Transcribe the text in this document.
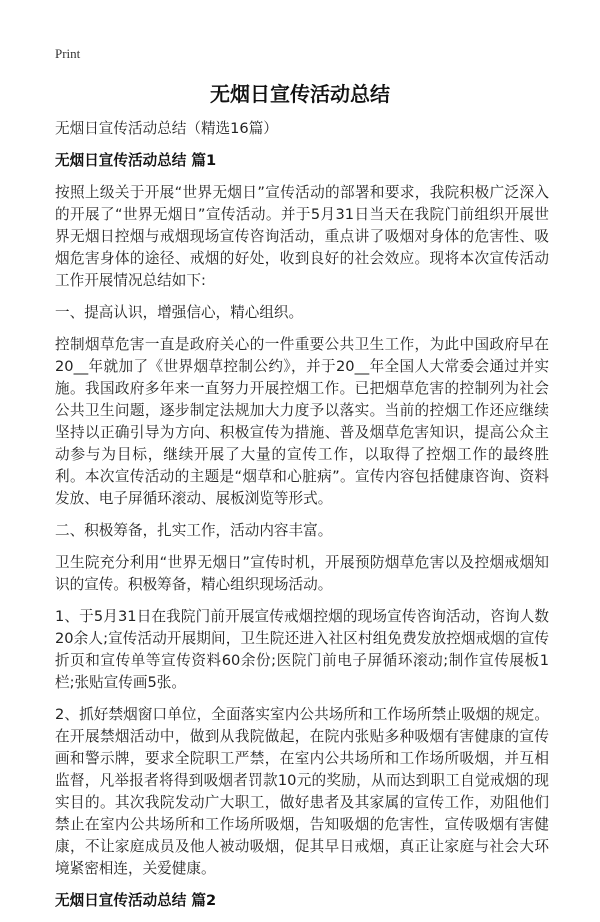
Print
无烟日宣传活动总结

无烟日宣传活动总结（精选16篇）

无烟日宣传活动总结 篇1

按照上级关于开展“世界无烟日”宣传活动的部署和要求，我院积极广泛深入的开展了“世界无烟日”宣传活动。并于5月31日当天在我院门前组织开展世界无烟日控烟与戒烟现场宣传咨询活动，重点讲了吸烟对身体的危害性、吸烟危害身体的途径、戒烟的好处，收到良好的社会效应。现将本次宣传活动工作开展情况总结如下:

一、提高认识，增强信心，精心组织。

控制烟草危害一直是政府关心的一件重要公共卫生工作，为此中国政府早在20__年就加了《世界烟草控制公约》，并于20__年全国人大常委会通过并实施。我国政府多年来一直努力开展控烟工作。已把烟草危害的控制列为社会公共卫生问题，逐步制定法规加大力度予以落实。当前的控烟工作还应继续坚持以正确引导为方向、积极宣传为措施、普及烟草危害知识，提高公众主动参与为目标，继续开展了大量的宣传工作，以取得了控烟工作的最终胜利。本次宣传活动的主题是“烟草和心脏病”。宣传内容包括健康咨询、资料发放、电子屏循环滚动、展板浏览等形式。

二、积极筹备，扎实工作，活动内容丰富。

卫生院充分利用“世界无烟日”宣传时机，开展预防烟草危害以及控烟戒烟知识的宣传。积极筹备，精心组织现场活动。

1、于5月31日在我院门前开展宣传戒烟控烟的现场宣传咨询活动，咨询人数20余人;宣传活动开展期间，卫生院还进入社区村组免费发放控烟戒烟的宣传折页和宣传单等宣传资料60余份;医院门前电子屏循环滚动;制作宣传展板1栏;张贴宣传画5张。

2、抓好禁烟窗口单位，全面落实室内公共场所和工作场所禁止吸烟的规定。在开展禁烟活动中，做到从我院做起，在院内张贴多种吸烟有害健康的宣传画和警示牌，要求全院职工严禁，在室内公共场所和工作场所吸烟，并互相监督，凡举报者将得到吸烟者罚款10元的奖励，从而达到职工自觉戒烟的现实目的。其次我院发动广大职工，做好患者及其家属的宣传工作，劝阻他们禁止在室内公共场所和工作场所吸烟，告知吸烟的危害性，宣传吸烟有害健康，不让家庭成员及他人被动吸烟，促其早日戒烟，真正让家庭与社会大环境紧密相连，关爱健康。

无烟日宣传活动总结 篇2
